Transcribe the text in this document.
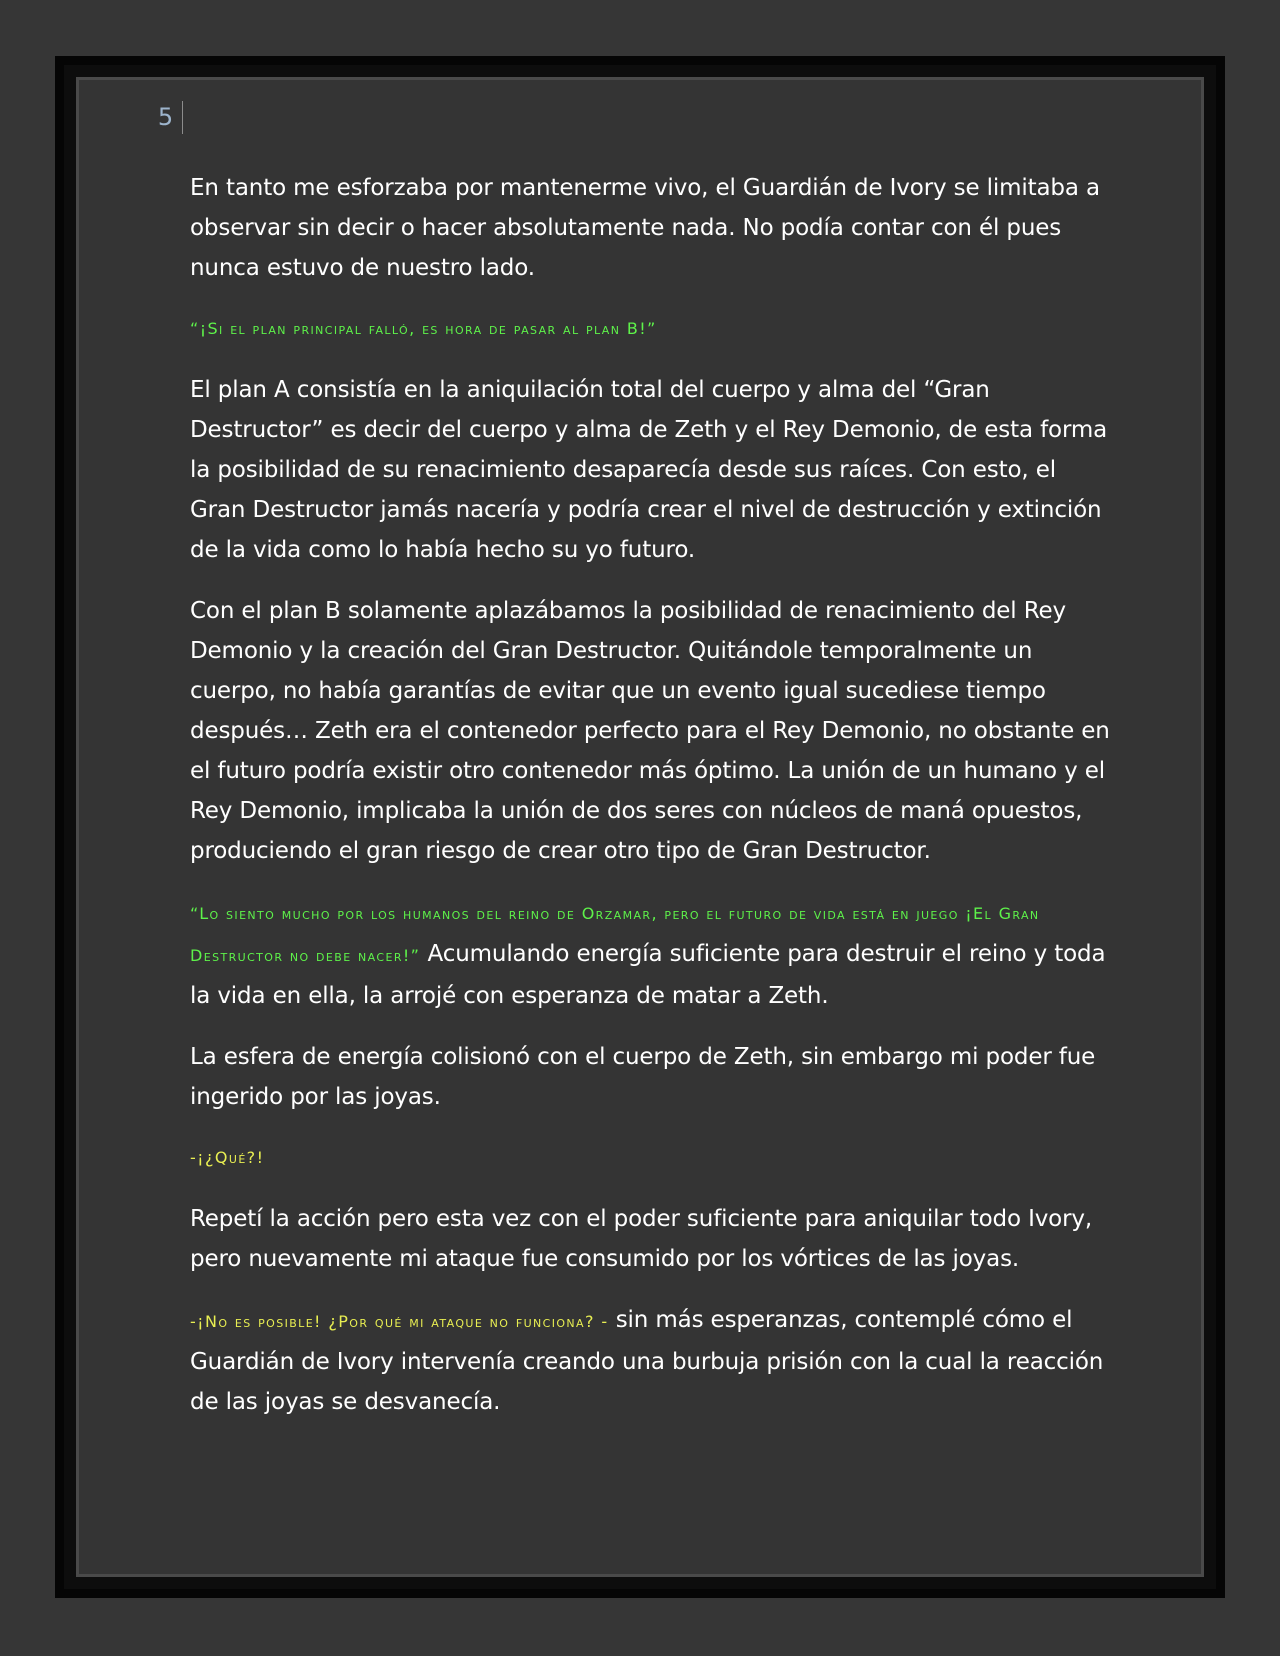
5

En tanto me esforzaba por mantenerme vivo, el Guardián de Ivory se limitaba a observar sin decir o hacer absolutamente nada. No podía contar con él pues nunca estuvo de nuestro lado.

“¡Si el plan principal falló, es hora de pasar al plan B!”

El plan A consistía en la aniquilación total del cuerpo y alma del “Gran Destructor” es decir del cuerpo y alma de Zeth y el Rey Demonio, de esta forma la posibilidad de su renacimiento desaparecía desde sus raíces. Con esto, el Gran Destructor jamás nacería y podría crear el nivel de destrucción y extinción de la vida como lo había hecho su yo futuro.

Con el plan B solamente aplazábamos la posibilidad de renacimiento del Rey Demonio y la creación del Gran Destructor. Quitándole temporalmente un cuerpo, no había garantías de evitar que un evento igual sucediese tiempo después… Zeth era el contenedor perfecto para el Rey Demonio, no obstante en el futuro podría existir otro contenedor más óptimo. La unión de un humano y el Rey Demonio, implicaba la unión de dos seres con núcleos de maná opuestos, produciendo el gran riesgo de crear otro tipo de Gran Destructor.

“Lo siento mucho por los humanos del reino de Orzamar, pero el futuro de vida está en juego ¡El Gran Destructor no debe nacer!” Acumulando energía suficiente para destruir el reino y toda la vida en ella, la arrojé con esperanza de matar a Zeth.

La esfera de energía colisionó con el cuerpo de Zeth, sin embargo mi poder fue ingerido por las joyas.

-¡¿Qué?!

Repetí la acción pero esta vez con el poder suficiente para aniquilar todo Ivory, pero nuevamente mi ataque fue consumido por los vórtices de las joyas.

-¡No es posible! ¿Por qué mi ataque no funciona? - sin más esperanzas, contemplé cómo el Guardián de Ivory intervenía creando una burbuja prisión con la cual la reacción de las joyas se desvanecía.
